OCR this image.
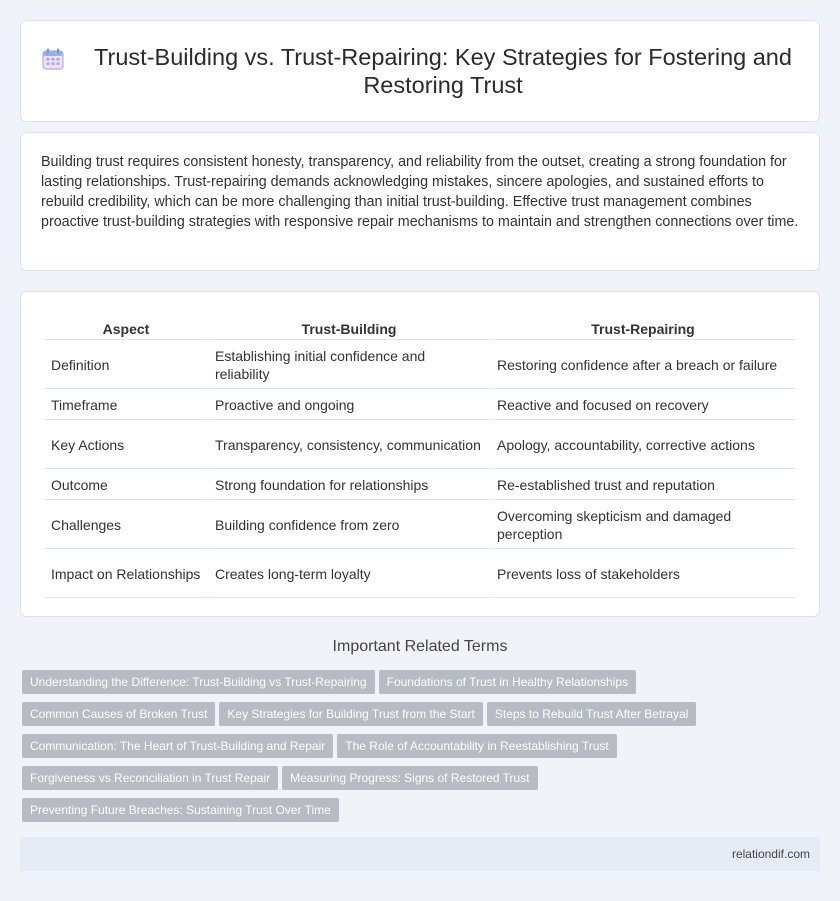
Trust-Building vs. Trust-Repairing: Key Strategies for Fostering and Restoring Trust

Building trust requires consistent honesty, transparency, and reliability from the outset, creating a strong foundation for lasting relationships. Trust-repairing demands acknowledging mistakes, sincere apologies, and sustained efforts to rebuild credibility, which can be more challenging than initial trust-building. Effective trust management combines proactive trust-building strategies with responsive repair mechanisms to maintain and strengthen connections over time.

Aspect	Trust-Building	Trust-Repairing
Definition	Establishing initial confidence and reliability	Restoring confidence after a breach or failure
Timeframe	Proactive and ongoing	Reactive and focused on recovery
Key Actions	Transparency, consistency, communication	Apology, accountability, corrective actions
Outcome	Strong foundation for relationships	Re-established trust and reputation
Challenges	Building confidence from zero	Overcoming skepticism and damaged perception
Impact on Relationships	Creates long-term loyalty	Prevents loss of stakeholders
Important Related Terms
Understanding the Difference: Trust-Building vs Trust-Repairing Foundations of Trust in Healthy Relationships
Common Causes of Broken Trust Key Strategies for Building Trust from the Start Steps to Rebuild Trust After Betrayal
Communication: The Heart of Trust-Building and Repair The Role of Accountability in Reestablishing Trust
Forgiveness vs Reconciliation in Trust Repair Measuring Progress: Signs of Restored Trust
Preventing Future Breaches: Sustaining Trust Over Time
relationdif.com
